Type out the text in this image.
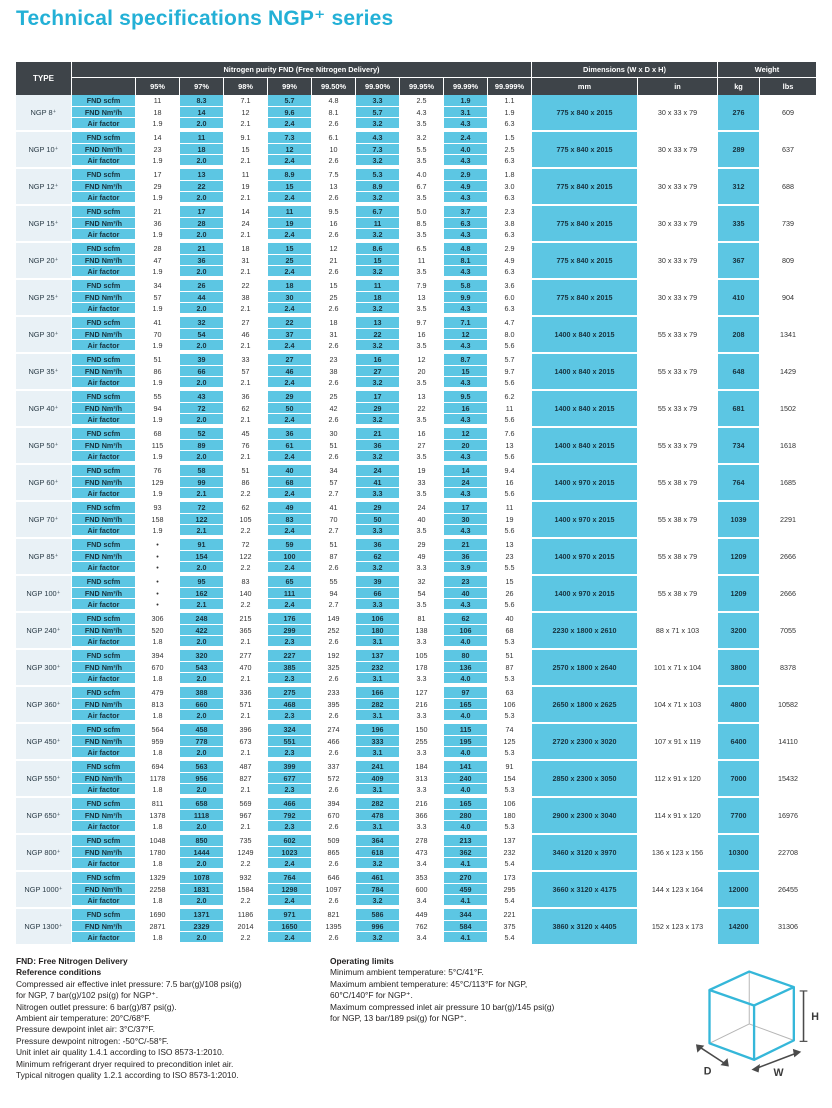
Technical specifications NGP⁺ series
TYPE
Nitrogen purity FND (Free Nitrogen Delivery)	Dimensions (W x D x H)	Weight
95%	97%	98%	99%	99.50%	99.90%	99.95%	99.99%	99.999%	mm	in	kg	lbs
NGP 8⁺
FND scfm	11	8.3	7.1	5.7	4.8	3.3	2.5	1.9	1.1
FND Nm³/h	18	14	12	9.6	8.1	5.7	4.3	3.1	1.9
Air factor	1.9	2.0	2.1	2.4	2.6	3.2	3.5	4.3	6.3
775 x 840 x 2015	30 x 33 x 79	276	609
NGP 10⁺
FND scfm	14	11	9.1	7.3	6.1	4.3	3.2	2.4	1.5
FND Nm³/h	23	18	15	12	10	7.3	5.5	4.0	2.5
Air factor	1.9	2.0	2.1	2.4	2.6	3.2	3.5	4.3	6.3
775 x 840 x 2015	30 x 33 x 79	289	637
NGP 12⁺
FND scfm	17	13	11	8.9	7.5	5.3	4.0	2.9	1.8
FND Nm³/h	29	22	19	15	13	8.9	6.7	4.9	3.0
Air factor	1.9	2.0	2.1	2.4	2.6	3.2	3.5	4.3	6.3
775 x 840 x 2015	30 x 33 x 79	312	688
NGP 15⁺
FND scfm	21	17	14	11	9.5	6.7	5.0	3.7	2.3
FND Nm³/h	36	28	24	19	16	11	8.5	6.3	3.8
Air factor	1.9	2.0	2.1	2.4	2.6	3.2	3.5	4.3	6.3
775 x 840 x 2015	30 x 33 x 79	335	739
NGP 20⁺
FND scfm	28	21	18	15	12	8.6	6.5	4.8	2.9
FND Nm³/h	47	36	31	25	21	15	11	8.1	4.9
Air factor	1.9	2.0	2.1	2.4	2.6	3.2	3.5	4.3	6.3
775 x 840 x 2015	30 x 33 x 79	367	809
NGP 25⁺
FND scfm	34	26	22	18	15	11	7.9	5.8	3.6
FND Nm³/h	57	44	38	30	25	18	13	9.9	6.0
Air factor	1.9	2.0	2.1	2.4	2.6	3.2	3.5	4.3	6.3
775 x 840 x 2015	30 x 33 x 79	410	904
NGP 30⁺
FND scfm	41	32	27	22	18	13	9.7	7.1	4.7
FND Nm³/h	70	54	46	37	31	22	16	12	8.0
Air factor	1.9	2.0	2.1	2.4	2.6	3.2	3.5	4.3	5.6
1400 x 840 x 2015	55 x 33 x 79	208	1341
NGP 35⁺
FND scfm	51	39	33	27	23	16	12	8.7	5.7
FND Nm³/h	86	66	57	46	38	27	20	15	9.7
Air factor	1.9	2.0	2.1	2.4	2.6	3.2	3.5	4.3	5.6
1400 x 840 x 2015	55 x 33 x 79	648	1429
NGP 40⁺
FND scfm	55	43	36	29	25	17	13	9.5	6.2
FND Nm³/h	94	72	62	50	42	29	22	16	11
Air factor	1.9	2.0	2.1	2.4	2.6	3.2	3.5	4.3	5.6
1400 x 840 x 2015	55 x 33 x 79	681	1502
NGP 50⁺
FND scfm	68	52	45	36	30	21	16	12	7.6
FND Nm³/h	115	89	76	61	51	36	27	20	13
Air factor	1.9	2.0	2.1	2.4	2.6	3.2	3.5	4.3	5.6
1400 x 840 x 2015	55 x 33 x 79	734	1618
NGP 60⁺
FND scfm	76	58	51	40	34	24	19	14	9.4
FND Nm³/h	129	99	86	68	57	41	33	24	16
Air factor	1.9	2.1	2.2	2.4	2.7	3.3	3.5	4.3	5.6
1400 x 970 x 2015	55 x 38 x 79	764	1685
NGP 70⁺
FND scfm	93	72	62	49	41	29	24	17	11
FND Nm³/h	158	122	105	83	70	50	40	30	19
Air factor	1.9	2.1	2.2	2.4	2.7	3.3	3.5	4.3	5.6
1400 x 970 x 2015	55 x 38 x 79	1039	2291
NGP 85⁺
FND scfm	•	91	72	59	51	36	29	21	13
FND Nm³/h	•	154	122	100	87	62	49	36	23
Air factor	•	2.0	2.2	2.4	2.6	3.2	3.3	3.9	5.5
1400 x 970 x 2015	55 x 38 x 79	1209	2666
NGP 100⁺
FND scfm	•	95	83	65	55	39	32	23	15
FND Nm³/h	•	162	140	111	94	66	54	40	26
Air factor	•	2.1	2.2	2.4	2.7	3.3	3.5	4.3	5.6
1400 x 970 x 2015	55 x 38 x 79	1209	2666
NGP 240⁺
FND scfm	306	248	215	176	149	106	81	62	40
FND Nm³/h	520	422	365	299	252	180	138	106	68
Air factor	1.8	2.0	2.1	2.3	2.6	3.1	3.3	4.0	5.3
2230 x 1800 x 2610	88 x 71 x 103	3200	7055
NGP 300⁺
FND scfm	394	320	277	227	192	137	105	80	51
FND Nm³/h	670	543	470	385	325	232	178	136	87
Air factor	1.8	2.0	2.1	2.3	2.6	3.1	3.3	4.0	5.3
2570 x 1800 x 2640	101 x 71 x 104	3800	8378
NGP 360⁺
FND scfm	479	388	336	275	233	166	127	97	63
FND Nm³/h	813	660	571	468	395	282	216	165	106
Air factor	1.8	2.0	2.1	2.3	2.6	3.1	3.3	4.0	5.3
2650 x 1800 x 2625	104 x 71 x 103	4800	10582
NGP 450⁺
FND scfm	564	458	396	324	274	196	150	115	74
FND Nm³/h	959	778	673	551	466	333	255	195	125
Air factor	1.8	2.0	2.1	2.3	2.6	3.1	3.3	4.0	5.3
2720 x 2300 x 3020	107 x 91 x 119	6400	14110
NGP 550⁺
FND scfm	694	563	487	399	337	241	184	141	91
FND Nm³/h	1178	956	827	677	572	409	313	240	154
Air factor	1.8	2.0	2.1	2.3	2.6	3.1	3.3	4.0	5.3
2850 x 2300 x 3050	112 x 91 x 120	7000	15432
NGP 650⁺
FND scfm	811	658	569	466	394	282	216	165	106
FND Nm³/h	1378	1118	967	792	670	478	366	280	180
Air factor	1.8	2.0	2.1	2.3	2.6	3.1	3.3	4.0	5.3
2900 x 2300 x 3040	114 x 91 x 120	7700	16976
NGP 800⁺
FND scfm	1048	850	735	602	509	364	278	213	137
FND Nm³/h	1780	1444	1249	1023	865	618	473	362	232
Air factor	1.8	2.0	2.2	2.4	2.6	3.2	3.4	4.1	5.4
3460 x 3120 x 3970	136 x 123 x 156	10300	22708
NGP 1000⁺
FND scfm	1329	1078	932	764	646	461	353	270	173
FND Nm³/h	2258	1831	1584	1298	1097	784	600	459	295
Air factor	1.8	2.0	2.2	2.4	2.6	3.2	3.4	4.1	5.4
3660 x 3120 x 4175	144 x 123 x 164	12000	26455
NGP 1300⁺
FND scfm	1690	1371	1186	971	821	586	449	344	221
FND Nm³/h	2871	2329	2014	1650	1395	996	762	584	375
Air factor	1.8	2.0	2.2	2.4	2.6	3.2	3.4	4.1	5.4
3860 x 3120 x 4405	152 x 123 x 173	14200	31306
FND: Free Nitrogen Delivery
Reference conditions
Compressed air effective inlet pressure: 7.5 bar(g)/108 psi(g)
for NGP, 7 bar(g)/102 psi(g) for NGP⁺.
Nitrogen outlet pressure: 6 bar(g)/87 psi(g).
Ambient air temperature: 20°C/68°F.
Pressure dewpoint inlet air: 3°C/37°F.
Pressure dewpoint nitrogen: -50°C/-58°F.
Unit inlet air quality 1.4.1 according to ISO 8573-1:2010.
Minimum refrigerant dryer required to precondition inlet air.
Typical nitrogen quality 1.2.1 according to ISO 8573-1:2010.
Operating limits
Minimum ambient temperature: 5°C/41°F.
Maximum ambient temperature: 45°C/113°F for NGP,
60°C/140°F for NGP⁺.
Maximum compressed inlet air pressure 10 bar(g)/145 psi(g)
for NGP, 13 bar/189 psi(g) for NGP⁺.
D	W
H
